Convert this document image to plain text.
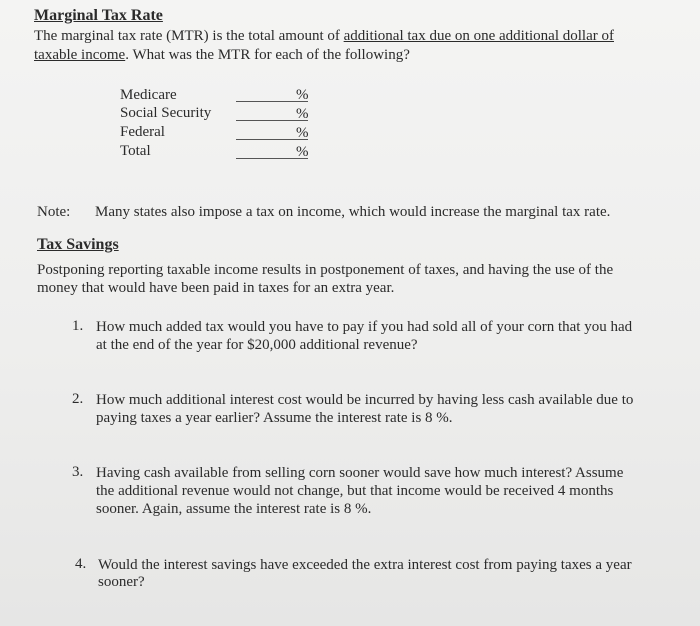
Marginal Tax Rate
The marginal tax rate (MTR) is the total amount of additional tax due on one additional dollar of
taxable income. What was the MTR for each of the following?
Medicare
Social Security
Federal
Total
%
%
%
%
Note: Many states also impose a tax on income, which would increase the marginal tax rate.
Tax Savings
Postponing reporting taxable income results in postponement of taxes, and having the use of the
money that would have been paid in taxes for an extra year.
1. How much added tax would you have to pay if you had sold all of your corn that you had
at the end of the year for $20,000 additional revenue?
2. How much additional interest cost would be incurred by having less cash available due to
paying taxes a year earlier? Assume the interest rate is 8 %.
3. Having cash available from selling corn sooner would save how much interest? Assume
the additional revenue would not change, but that income would be received 4 months
sooner. Again, assume the interest rate is 8 %.
4. Would the interest savings have exceeded the extra interest cost from paying taxes a year
sooner?
